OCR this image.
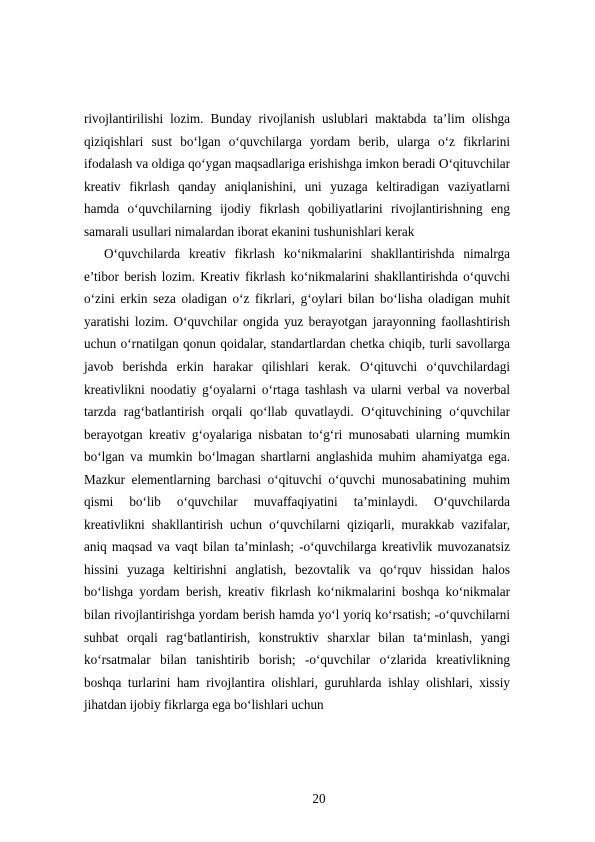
rivojlantirilishi lozim. Bunday rivojlanish uslublari maktabda ta’lim olishga qiziqishlari sust bo‘lgan o‘quvchilarga yordam berib, ularga o‘z fikrlarini ifodalash va oldiga qo‘ygan maqsadlariga erishishga imkon beradi O‘qituvchilar kreativ fikrlash qanday aniqlanishini, uni yuzaga keltiradigan vaziyatlarni hamda o‘quvchilarning ijodiy fikrlash qobiliyatlarini rivojlantirishning eng samarali usullari nimalardan iborat ekanini tushunishlari kerak

O‘quvchilarda kreativ fikrlash ko‘nikmalarini shakllantirishda nimalrga e’tibor berish lozim. Kreativ fikrlash ko‘nikmalarini shakllantirishda o‘quvchi o‘zini erkin seza oladigan o‘z fikrlari, g‘oylari bilan bo‘lisha oladigan muhit yaratishi lozim. O‘quvchilar ongida yuz berayotgan jarayonning faollashtirish uchun o‘rnatilgan qonun qoidalar, standartlardan chetka chiqib, turli savollarga javob berishda erkin harakar qilishlari kerak. O‘qituvchi o‘quvchilardagi kreativlikni noodatiy g‘oyalarni o‘rtaga tashlash va ularni verbal va noverbal tarzda rag‘batlantirish orqali qo‘llab quvatlaydi. O‘qituvchining o‘quvchilar berayotgan kreativ g‘oyalariga nisbatan to‘g‘ri munosabati ularning mumkin bo‘lgan va mumkin bo‘lmagan shartlarni anglashida muhim ahamiyatga ega. Mazkur elementlarning barchasi o‘qituvchi o‘quvchi munosabatining muhim qismi bo‘lib o‘quvchilar muvaffaqiyatini ta’minlaydi. O‘quvchilarda kreativlikni shakllantirish uchun o‘quvchilarni qiziqarli, murakkab vazifalar, aniq maqsad va vaqt bilan ta’minlash; -o‘quvchilarga kreativlik muvozanatsiz hissini yuzaga keltirishni anglatish, bezovtalik va qo‘rquv hissidan halos bo‘lishga yordam berish, kreativ fikrlash ko‘nikmalarini boshqa ko‘nikmalar bilan rivojlantirishga yordam berish hamda yo‘l yoriq ko‘rsatish; -o‘quvchilarni suhbat orqali rag‘batlantirish, konstruktiv sharxlar bilan ta‘minlash, yangi ko‘rsatmalar bilan tanishtirib borish; -o‘quvchilar o‘zlarida kreativlikning boshqa turlarini ham rivojlantira olishlari, guruhlarda ishlay olishlari, xissiy jihatdan ijobiy fikrlarga ega bo‘lishlari uchun

20
